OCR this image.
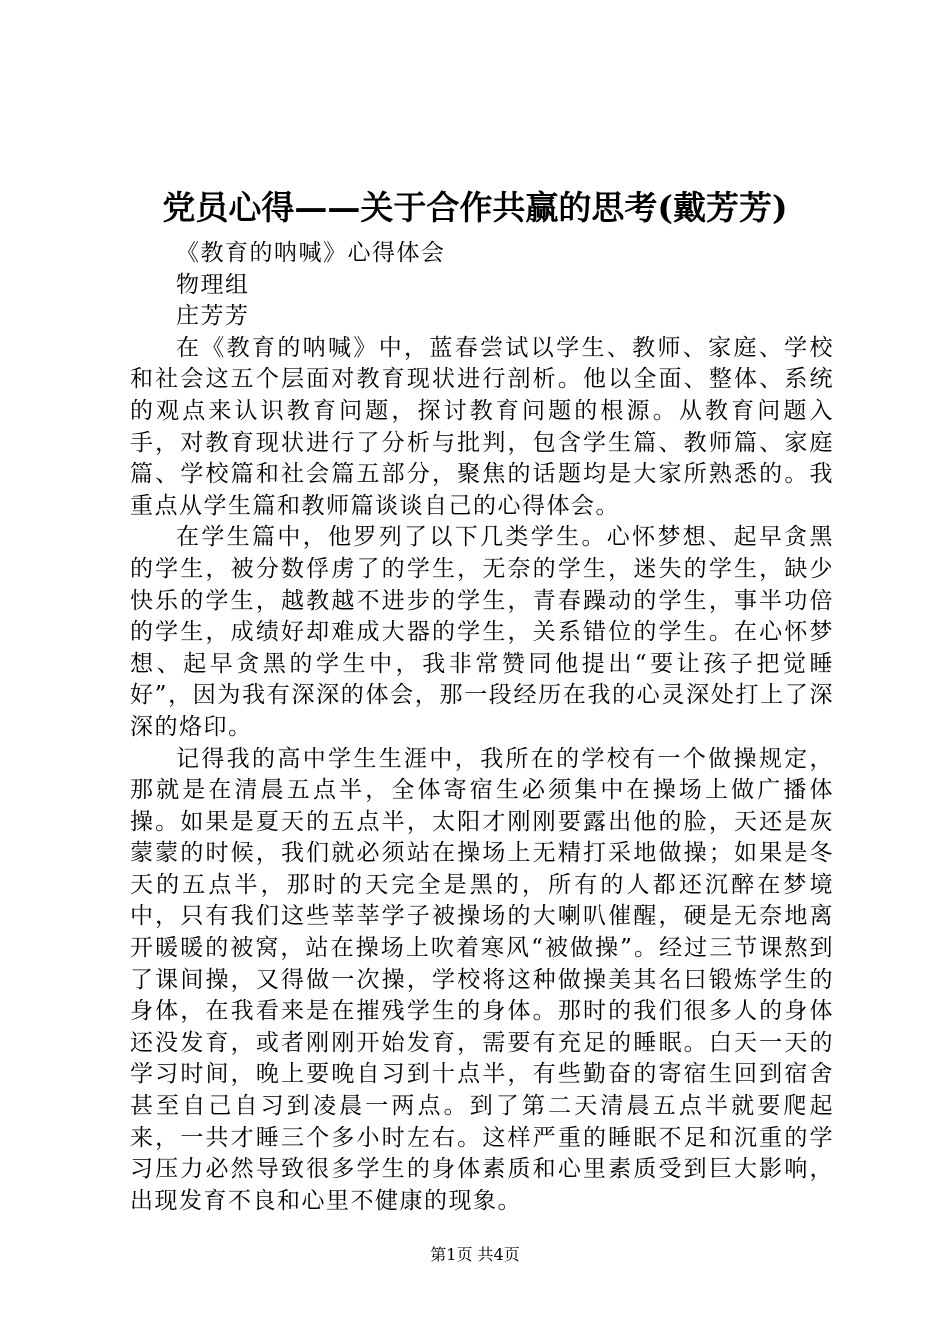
党员心得——关于合作共赢的思考(戴芳芳)

《教育的呐喊》心得体会

物理组

庄芳芳

在《教育的呐喊》中，蓝春尝试以学生、教师、家庭、学校和社会这五个层面对教育现状进行剖析。他以全面、整体、系统的观点来认识教育问题，探讨教育问题的根源。从教育问题入手，对教育现状进行了分析与批判，包含学生篇、教师篇、家庭篇、学校篇和社会篇五部分，聚焦的话题均是大家所熟悉的。我重点从学生篇和教师篇谈谈自己的心得体会。

在学生篇中，他罗列了以下几类学生。心怀梦想、起早贪黑的学生，被分数俘虏了的学生，无奈的学生，迷失的学生，缺少快乐的学生，越教越不进步的学生，青春躁动的学生，事半功倍的学生，成绩好却难成大器的学生，关系错位的学生。在心怀梦想、起早贪黑的学生中，我非常赞同他提出“要让孩子把觉睡好”，因为我有深深的体会，那一段经历在我的心灵深处打上了深深的烙印。

记得我的高中学生生涯中，我所在的学校有一个做操规定，那就是在清晨五点半，全体寄宿生必须集中在操场上做广播体操。如果是夏天的五点半，太阳才刚刚要露出他的脸，天还是灰蒙蒙的时候，我们就必须站在操场上无精打采地做操；如果是冬天的五点半，那时的天完全是黑的，所有的人都还沉醉在梦境中，只有我们这些莘莘学子被操场的大喇叭催醒，硬是无奈地离开暖暖的被窝，站在操场上吹着寒风“被做操”。经过三节课熬到了课间操，又得做一次操，学校将这种做操美其名曰锻炼学生的身体，在我看来是在摧残学生的身体。那时的我们很多人的身体还没发育，或者刚刚开始发育，需要有充足的睡眠。白天一天的学习时间，晚上要晚自习到十点半，有些勤奋的寄宿生回到宿舍甚至自己自习到凌晨一两点。到了第二天清晨五点半就要爬起来，一共才睡三个多小时左右。这样严重的睡眠不足和沉重的学习压力必然导致很多学生的身体素质和心里素质受到巨大影响，出现发育不良和心里不健康的现象。

第1页 共4页
